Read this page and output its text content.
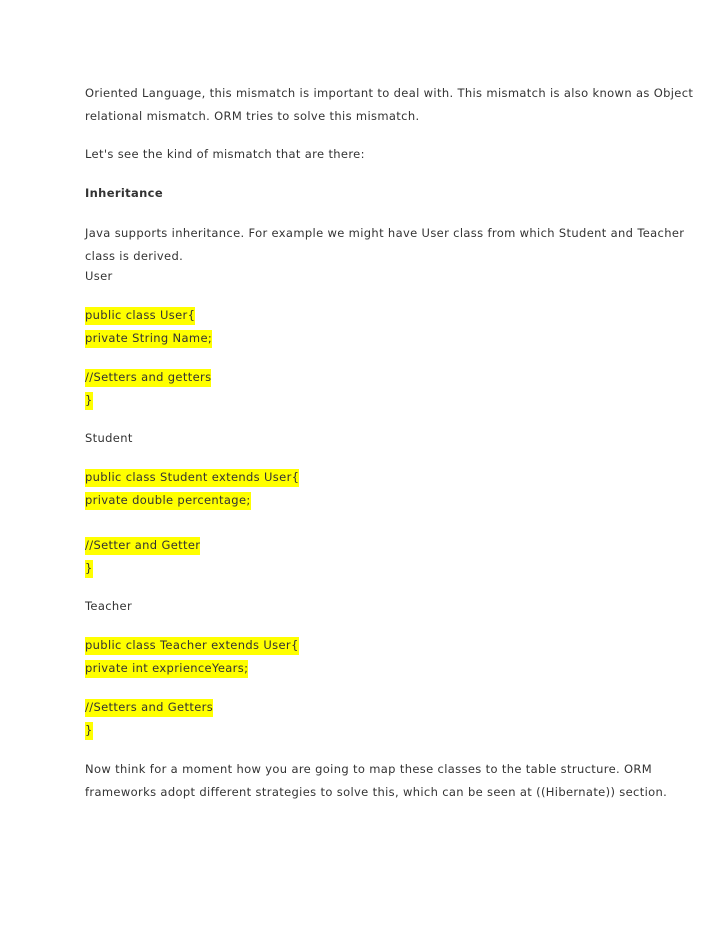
Oriented Language, this mismatch is important to deal with. This mismatch is also known as Object

relational mismatch. ORM tries to solve this mismatch.

Let's see the kind of mismatch that are there:

Inheritance

Java supports inheritance. For example we might have User class from which Student and Teacher

class is derived.

User

public class User{

private String Name;

//Setters and getters

}

Student

public class Student extends User{

private double percentage;

//Setter and Getter

}

Teacher

public class Teacher extends User{

private int exprienceYears;

//Setters and Getters

}

Now think for a moment how you are going to map these classes to the table structure. ORM

frameworks adopt different strategies to solve this, which can be seen at ((Hibernate)) section.
